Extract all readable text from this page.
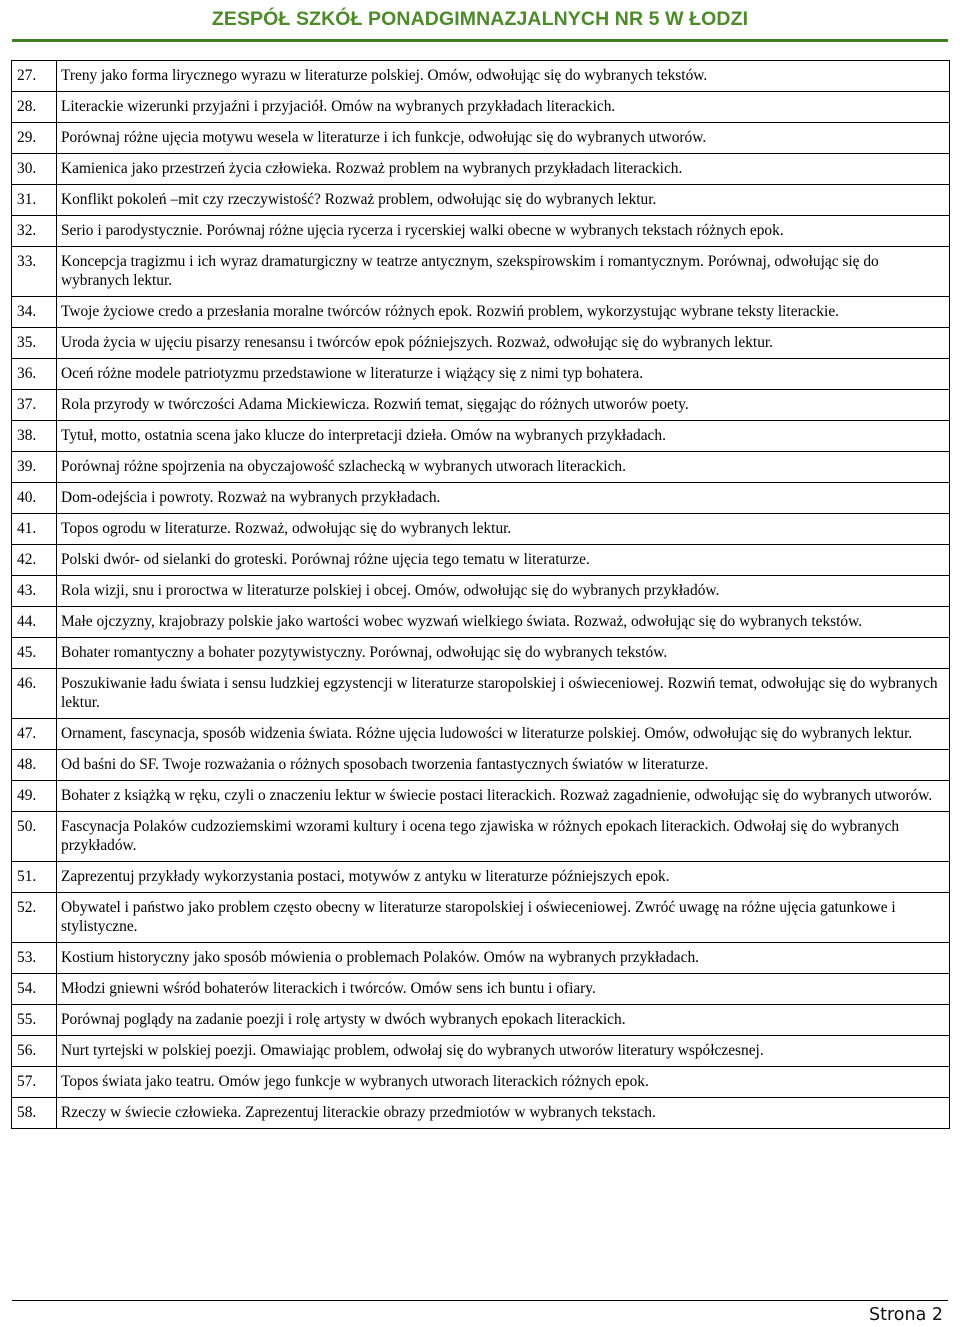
ZESPÓŁ SZKÓŁ PONADGIMNAZJALNYCH NR 5 W ŁODZI
27.	Treny jako forma lirycznego wyrazu w literaturze polskiej. Omów, odwołując się do wybranych tekstów.
28.	Literackie wizerunki przyjaźni i przyjaciół. Omów na wybranych przykładach literackich.
29.	Porównaj różne ujęcia motywu wesela w literaturze i ich funkcje, odwołując się do wybranych utworów.
30.	Kamienica jako przestrzeń życia człowieka. Rozważ problem na wybranych przykładach literackich.
31.	Konflikt pokoleń –mit czy rzeczywistość? Rozważ problem, odwołując się do wybranych lektur.
32.	Serio i parodystycznie. Porównaj różne ujęcia rycerza i rycerskiej walki obecne w wybranych tekstach różnych epok.
33.	Koncepcja tragizmu i ich wyraz dramaturgiczny w teatrze antycznym, szekspirowskim i romantycznym. Porównaj, odwołując się do wybranych lektur.
34.	Twoje życiowe credo a przesłania moralne twórców różnych epok. Rozwiń problem, wykorzystując wybrane teksty literackie.
35.	Uroda życia w ujęciu pisarzy renesansu i twórców epok późniejszych. Rozważ, odwołując się do wybranych lektur.
36.	Oceń różne modele patriotyzmu przedstawione w literaturze i wiążący się z nimi typ bohatera.
37.	Rola przyrody w twórczości Adama Mickiewicza. Rozwiń temat, sięgając do różnych utworów poety.
38.	Tytuł, motto, ostatnia scena jako klucze do interpretacji dzieła. Omów na wybranych przykładach.
39.	Porównaj różne spojrzenia na obyczajowość szlachecką w wybranych utworach literackich.
40.	Dom-odejścia i powroty. Rozważ na wybranych przykładach.
41.	Topos ogrodu w literaturze. Rozważ, odwołując się do wybranych lektur.
42.	Polski dwór- od sielanki do groteski. Porównaj różne ujęcia tego tematu w literaturze.
43.	Rola wizji, snu i proroctwa w literaturze polskiej i obcej. Omów, odwołując się do wybranych przykładów.
44.	Małe ojczyzny, krajobrazy polskie jako wartości wobec wyzwań wielkiego świata. Rozważ, odwołując się do wybranych tekstów.
45.	Bohater romantyczny a bohater pozytywistyczny. Porównaj, odwołując się do wybranych tekstów.
46.	Poszukiwanie ładu świata i sensu ludzkiej egzystencji w literaturze staropolskiej i oświeceniowej. Rozwiń temat, odwołując się do wybranych lektur.
47.	Ornament, fascynacja, sposób widzenia świata. Różne ujęcia ludowości w literaturze polskiej. Omów, odwołując się do wybranych lektur.
48.	Od baśni do SF. Twoje rozważania o różnych sposobach tworzenia fantastycznych światów w literaturze.
49.	Bohater z książką w ręku, czyli o znaczeniu lektur w świecie postaci literackich. Rozważ zagadnienie, odwołując się do wybranych utworów.
50.	Fascynacja Polaków cudzoziemskimi wzorami kultury i ocena tego zjawiska w różnych epokach literackich. Odwołaj się do wybranych przykładów.
51.	Zaprezentuj przykłady wykorzystania postaci, motywów z antyku w literaturze późniejszych epok.
52.	Obywatel i państwo jako problem często obecny w literaturze staropolskiej i oświeceniowej. Zwróć uwagę na różne ujęcia gatunkowe i stylistyczne.
53.	Kostium historyczny jako sposób mówienia o problemach Polaków. Omów na wybranych przykładach.
54.	Młodzi gniewni wśród bohaterów literackich i twórców. Omów sens ich buntu i ofiary.
55.	Porównaj poglądy na zadanie poezji i rolę artysty w dwóch wybranych epokach literackich.
56.	Nurt tyrtejski w polskiej poezji. Omawiając problem, odwołaj się do wybranych utworów literatury współczesnej.
57.	Topos świata jako teatru. Omów jego funkcje w wybranych utworach literackich różnych epok.
58.	Rzeczy w świecie człowieka. Zaprezentuj literackie obrazy przedmiotów w wybranych tekstach.
Strona 2
